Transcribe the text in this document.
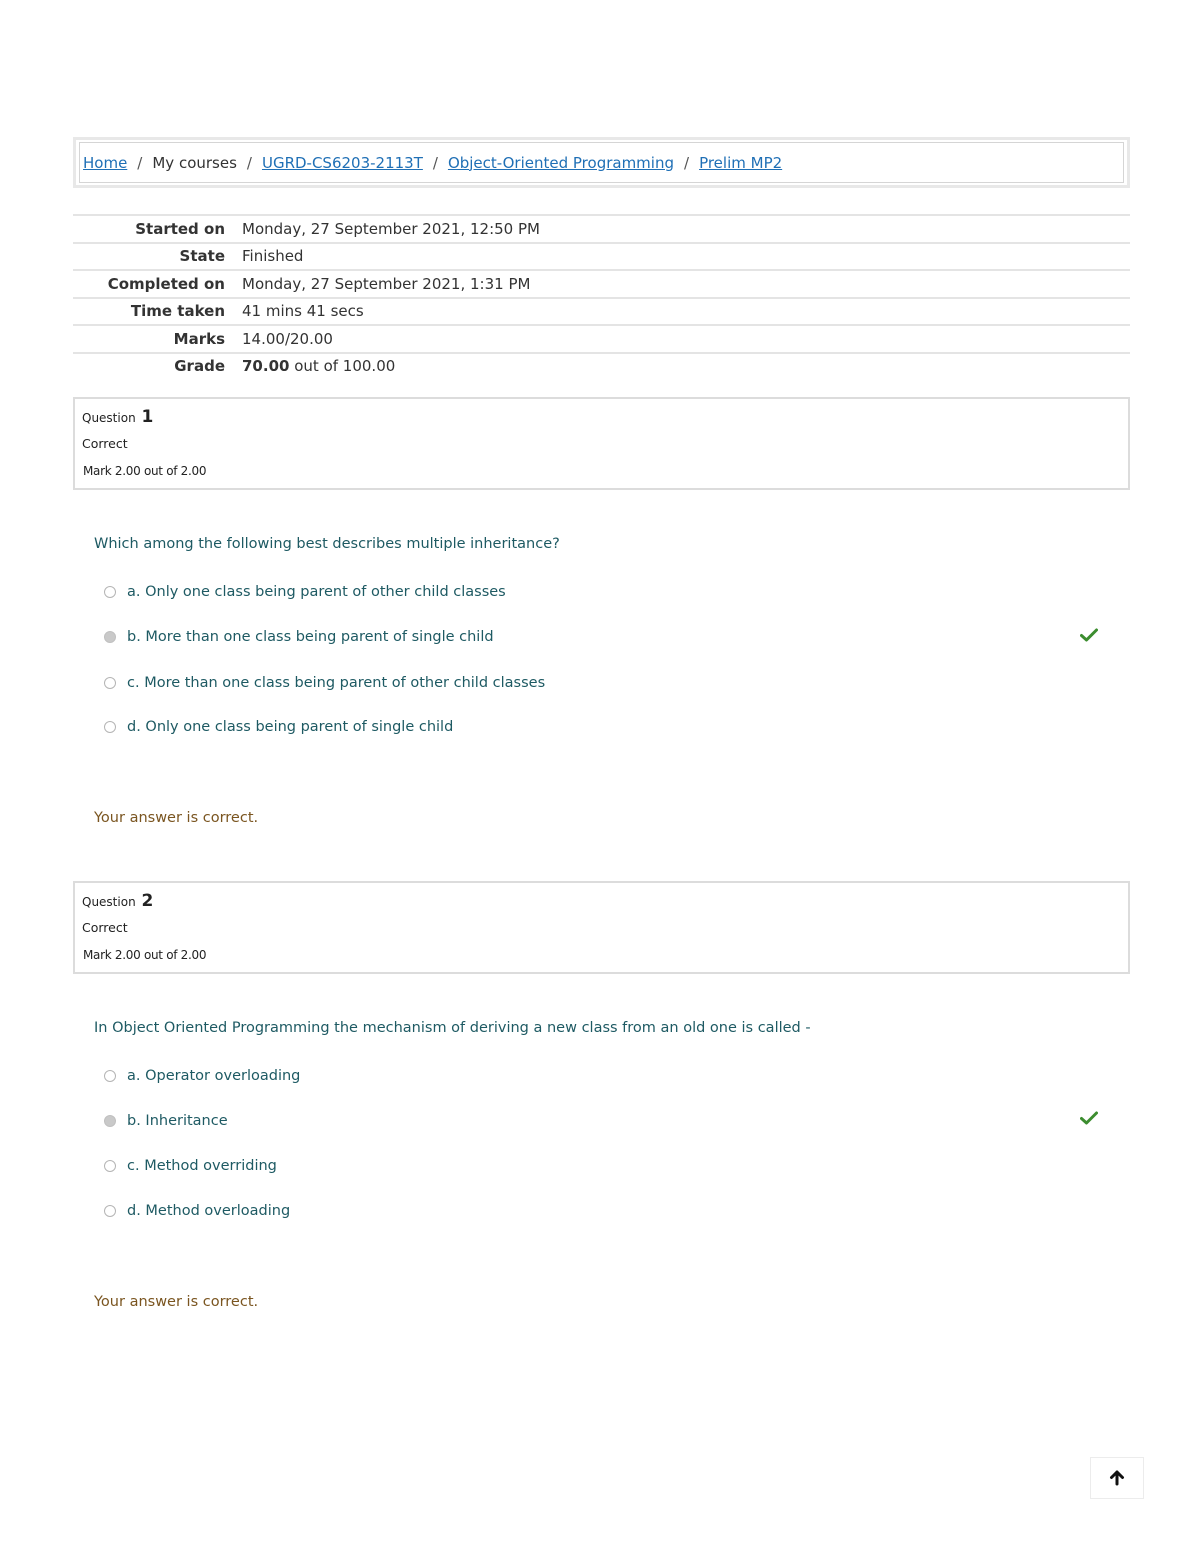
Home / My courses / UGRD-CS6203-2113T / Object-Oriented Programming / Prelim MP2
Started on Monday, 27 September 2021, 12:50 PM
State Finished
Completed on Monday, 27 September 2021, 1:31 PM
Time taken 41 mins 41 secs
Marks 14.00/20.00
Grade 70.00 out of 100.00
Question 1
Correct
Mark 2.00 out of 2.00
Which among the following best describes multiple inheritance?
a. Only one class being parent of other child classes
b. More than one class being parent of single child
c. More than one class being parent of other child classes
d. Only one class being parent of single child
Your answer is correct.
Question 2
Correct
Mark 2.00 out of 2.00
In Object Oriented Programming the mechanism of deriving a new class from an old one is called -
a. Operator overloading
b. Inheritance
c. Method overriding
d. Method overloading
Your answer is correct.
